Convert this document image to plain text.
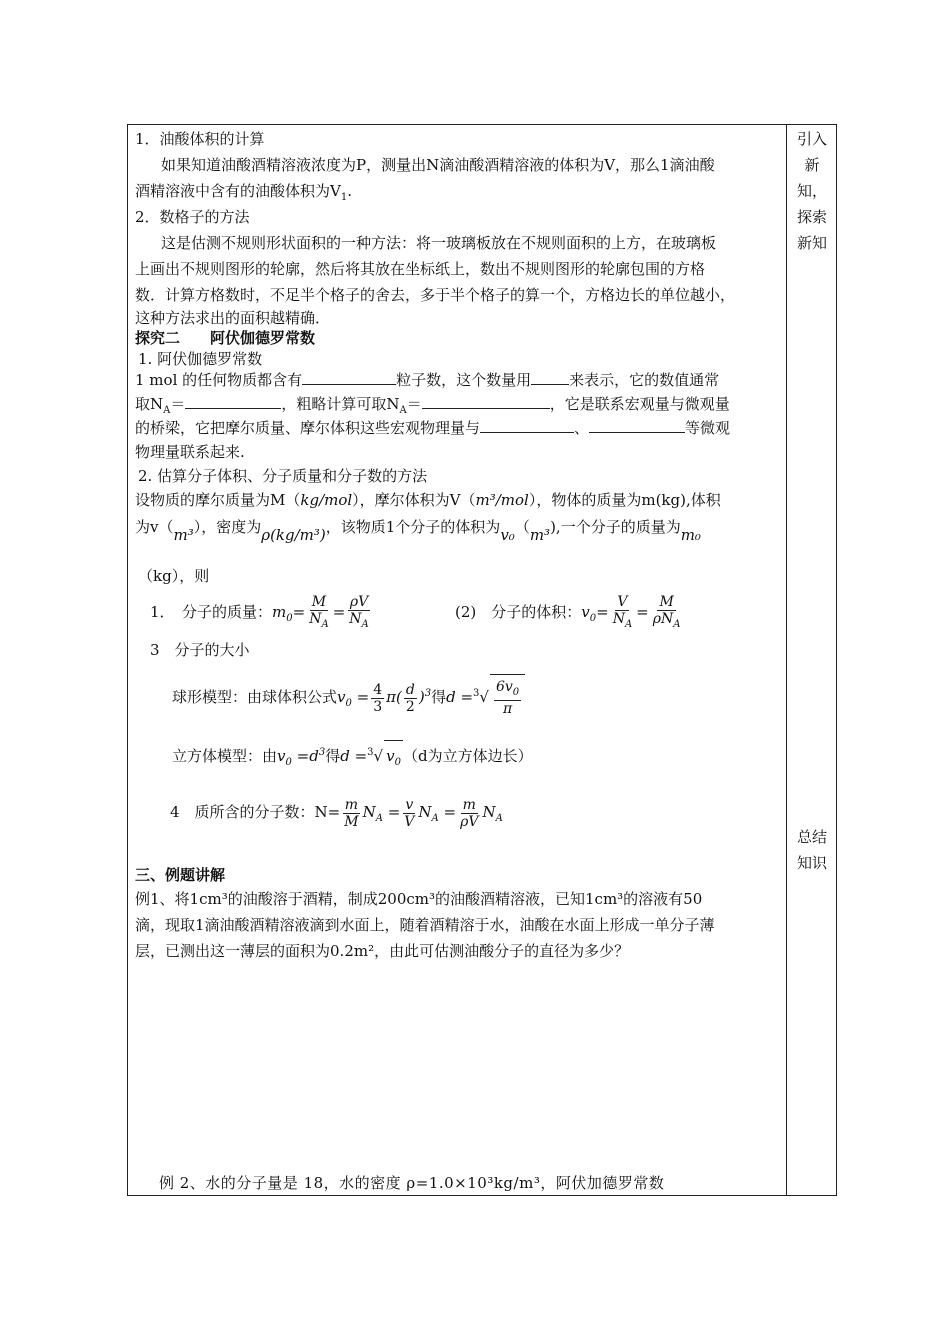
引入
新
知，
探索
新知
总结
知识
1．油酸体积的计算
如果知道油酸酒精溶液浓度为P，测量出N滴油酸酒精溶液的体积为V，那么1滴油酸
酒精溶液中含有的油酸体积为$V_1$.
2．数格子的方法
这是估测不规则形状面积的一种方法：将一玻璃板放在不规则面积的上方，在玻璃板
上画出不规则图形的轮廓，然后将其放在坐标纸上，数出不规则图形的轮廓包围的方格
数．计算方格数时，不足半个格子的舍去，多于半个格子的算一个，方格边长的单位越小，
这种方法求出的面积越精确．
探究二　　阿伏伽德罗常数
1. 阿伏伽德罗常数
1 mol 的任何物质都含有	粒子数，这个数量用	来表示，它的数值通常
取$N_A=$	，粗略计算可取$N_A=$	，它是联系宏观量与微观量
的桥梁，它把摩尔质量、摩尔体积这些宏观物理量与	、	等微观
物理量联系起来.
2. 估算分子体积、分子质量和分子数的方法
设物质的摩尔质量为M（kg/mol），摩尔体积为V（m³/mol），物体的质量为m(kg),体积
为v（m³），密度为ρ(kg/m³)，该物质1个分子的体积为v₀（m³),一个分子的质量为m₀
（kg），则
1．　分子的质量：$m_0= \frac{M}{N_A} = \frac{\rho V}{N_A}$	(2)　分子的体积：$v_0= \frac{V}{N_A} = \frac{M}{\rho N_A}$
3　分子的大小
球形模型：由球体积公式$v_0 = \frac{4}{3} \pi( \frac{d}{2} )^3$得$d =^3√ \frac{6v_0}{\pi}$
立方体模型：由$v_0 =d^3$得d =$^3$√ $v_0$ （d为立方体边长）
4　质所含的分子数：$N= \frac{m}{M} N_A = \frac{v}{V} N_A = \frac{m}{\rho V} N_A$
三、例题讲解
例1、将1cm³的油酸溶于酒精，制成200cm³的油酸酒精溶液，已知1cm³的溶液有50
滴，现取1滴油酸酒精溶液滴到水面上，随着酒精溶于水，油酸在水面上形成一单分子薄
层，已测出这一薄层的面积为0.2m²，由此可估测油酸分子的直径为多少？
例 2、水的分子量是 18，水的密度 ρ=1.0×10³kg/m³，阿伏加德罗常数
